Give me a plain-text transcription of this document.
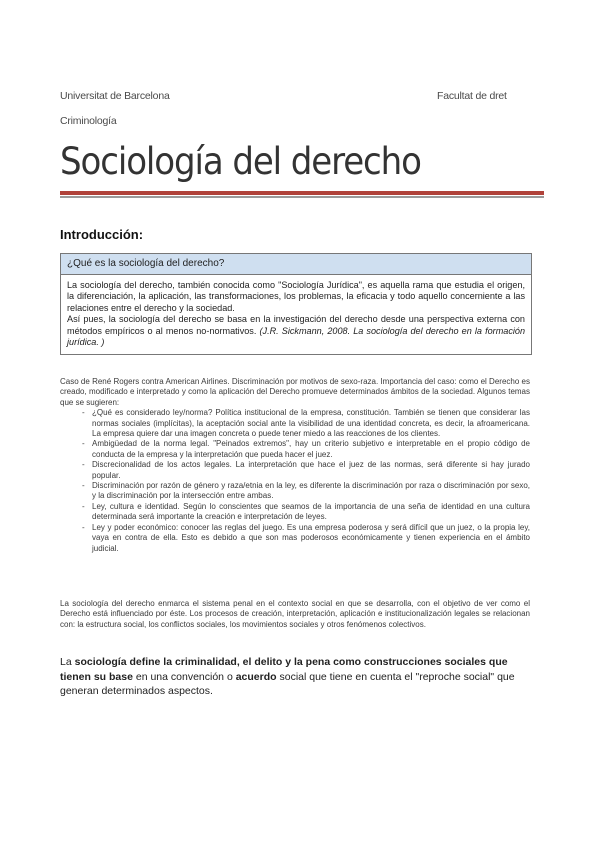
Universitat de Barcelona	Facultat de dret
Criminología
Sociología del derecho
Introducción:
¿Qué es la sociología del derecho?

La sociología del derecho, también conocida como "Sociología Jurídica", es aquella rama que estudia el origen, la diferenciación, la aplicación, las transformaciones, los problemas, la eficacia y todo aquello concerniente a las relaciones entre el derecho y la sociedad.

Así pues, la sociología del derecho se basa en la investigación del derecho desde una perspectiva externa con métodos empíricos o al menos no-normativos. (J.R. Sickmann, 2008. La sociología del derecho en la formación jurídica. )

Caso de René Rogers contra American Airlines. Discriminación por motivos de sexo-raza. Importancia del caso: como el Derecho es creado, modificado e interpretado y como la aplicación del Derecho promueve determinados ámbitos de la sociedad. Algunos temas que se sugieren:

- ¿Qué es considerado ley/norma? Política institucional de la empresa, constitución. También se tienen que considerar las normas sociales (implícitas), la aceptación social ante la visibilidad de una identidad concreta, es decir, la afroamericana. La empresa quiere dar una imagen concreta o puede tener miedo a las reacciones de los clientes.
- Ambigüedad de la norma legal. "Peinados extremos", hay un criterio subjetivo e interpretable en el propio código de conducta de la empresa y la interpretación que pueda hacer el juez.
- Discrecionalidad de los actos legales. La interpretación que hace el juez de las normas, será diferente si hay jurado popular.
- Discriminación por razón de género y raza/etnia en la ley, es diferente la discriminación por raza o discriminación por sexo, y la discriminación por la intersección entre ambas.
- Ley, cultura e identidad. Según lo conscientes que seamos de la importancia de una seña de identidad en una cultura determinada será importante la creación e interpretación de leyes.
- Ley y poder económico: conocer las reglas del juego. Es una empresa poderosa y será difícil que un juez, o la propia ley, vaya en contra de ella. Esto es debido a que son mas poderosos económicamente y tienen experiencia en el ámbito judicial.

La sociología del derecho enmarca el sistema penal en el contexto social en que se desarrolla, con el objetivo de ver como el Derecho está influenciado por éste. Los procesos de creación, interpretación, aplicación e institucionalización legales se relacionan con: la estructura social, los conflictos sociales, los movimientos sociales y otros fenómenos colectivos.

La sociología define la criminalidad, el delito y la pena como construcciones sociales que tienen su base en una convención o acuerdo social que tiene en cuenta el "reproche social" que generan determinados aspectos.
